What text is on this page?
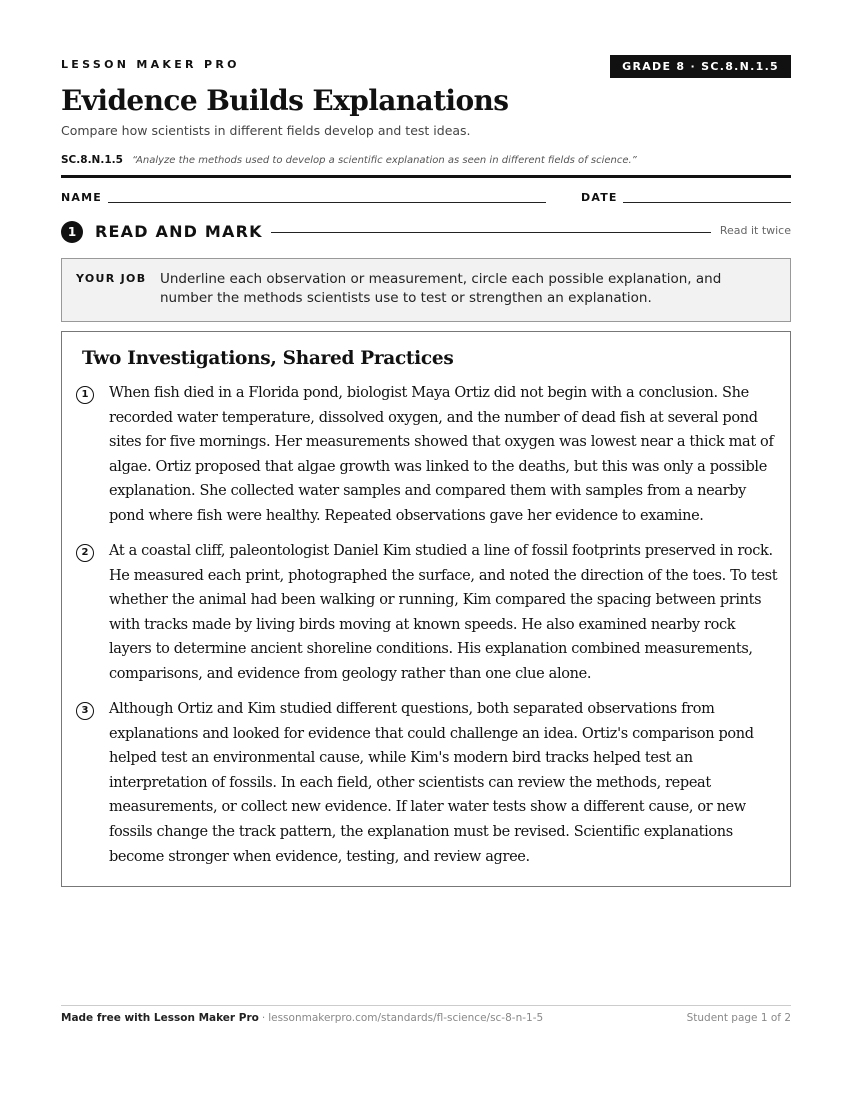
LESSON MAKER PRO	GRADE 8 · SC.8.N.1.5
Evidence Builds Explanations
Compare how scientists in different fields develop and test ideas.
SC.8.N.1.5 “Analyze the methods used to develop a scientific explanation as seen in different fields of science.”
NAME	DATE
1	READ AND MARK	Read it twice
YOUR JOB Underline each observation or measurement, circle each possible explanation, and number the methods scientists use to test or strengthen an explanation.
Two Investigations, Shared Practices
1	When fish died in a Florida pond, biologist Maya Ortiz did not begin with a conclusion. She recorded water temperature, dissolved oxygen, and the number of dead fish at several pond sites for five mornings. Her measurements showed that oxygen was lowest near a thick mat of algae. Ortiz proposed that algae growth was linked to the deaths, but this was only a possible explanation. She collected water samples and compared them with samples from a nearby pond where fish were healthy. Repeated observations gave her evidence to examine.
2	At a coastal cliff, paleontologist Daniel Kim studied a line of fossil footprints preserved in rock. He measured each print, photographed the surface, and noted the direction of the toes. To test whether the animal had been walking or running, Kim compared the spacing between prints with tracks made by living birds moving at known speeds. He also examined nearby rock layers to determine ancient shoreline conditions. His explanation combined measurements, comparisons, and evidence from geology rather than one clue alone.
3	Although Ortiz and Kim studied different questions, both separated observations from explanations and looked for evidence that could challenge an idea. Ortiz's comparison pond helped test an environmental cause, while Kim's modern bird tracks helped test an interpretation of fossils. In each field, other scientists can review the methods, repeat measurements, or collect new evidence. If later water tests show a different cause, or new fossils change the track pattern, the explanation must be revised. Scientific explanations become stronger when evidence, testing, and review agree.
Made free with Lesson Maker Pro · lessonmakerpro.com/standards/fl-science/sc-8-n-1-5	Student page 1 of 2
